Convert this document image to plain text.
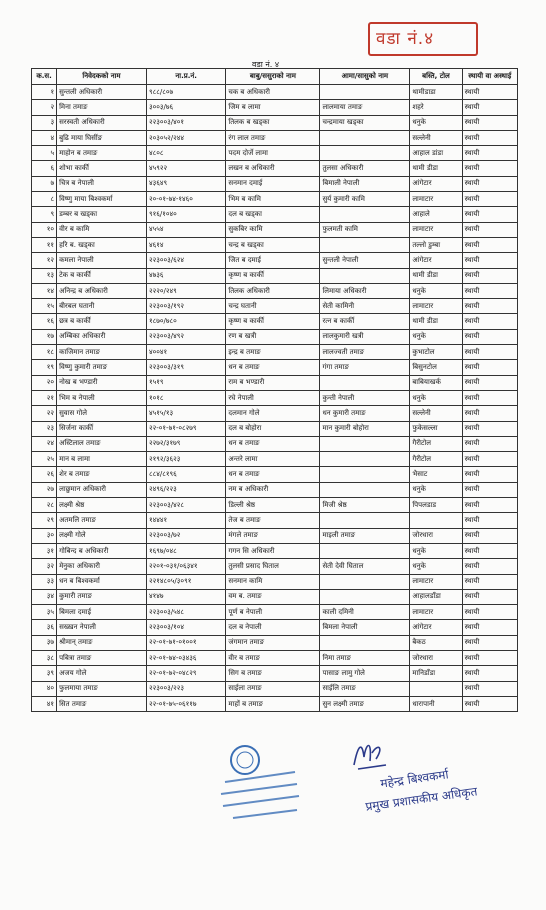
वडा नं.४
वडा नं. ४
क.स.	निवेदकको नाम	ना.प्र.नं.	बाबु/ससुराको नाम	आमा/सासुको नाम	बस्ति, टोल	स्थायी वा अस्थाई
१	सुन्तली अधिकारी	९८८/८०७	चक ब अधिकारी		थामीडाडा	स्थायी
२	मिना तमाङ	३००३/७६	जिम ब लामा	लालमाया तमाङ	शहरे	स्थायी
३	सरस्वती अधिकारी	२२३००३/४०१	तिलक ब खड्का	चन्द्रमाया खड्का	धनुके	स्थायी
४	बुढि माया घिसींङ	२०३०५२/२४४	रंग लाल तमाङ		सल्लेनी	स्थायी
५	माहोन ब तमाङ	४८०८	पदम दोर्जे लामा		आहाल डांडा	स्थायी
६	शोभा कार्की	४५९२२	लखन ब अधिकारी	तुलसा अधिकारी	थामी डीडा	स्थायी
७	चित्र ब नेपाली	४३६४९	सनमान दमाई	बिमाली नेपाली	आंगेटार	स्थायी
८	विष्णु माया बिश्वकर्मा	२०-०१-७४-१४६०	भिम ब कामि	सुर्य कुमारी कामि	लामाटार	स्थायी
९	डम्बर ब खड्का	९१६/१०४०	दल ब खड्का		आहाले	स्थायी
१०	वीर ब कामि	४५५४	सुकबिर कामि	फुलमती कामि	लामाटार	स्थायी
११	हरि ब. खड्का	४६१४	चन्द्र ब खड्का		तल्लो डुम्बा	स्थायी
१२	कमला नेपाली	२२३००३/६२४	जित ब दमाई	सुन्तली नेपाली	आंगेटार	स्थायी
१३	टेक ब कार्की	४७३६	कृष्ण ब कार्की		थामी डीडा	स्थायी
१४	अनिन्द्र ब अधिकारी	२२२०/२४९	तिलक अधिकारी	लिमाया अधिकारी	धनुके	स्थायी
१५	बीरबल घतानी	२२३००३/१९२	चन्द्र घतानी	सेती कामिनी	लामाटार	स्थायी
१६	छत्र ब कार्की	१८७०/७८०	कृष्ण ब कार्की	रत्न ब कार्की	थामी डीडा	स्थायी
१७	अम्बिका अधिकारी	२२३००३/४९२	रण ब खत्री	लालकुमारी खत्री	धनुके	स्थायी
१८	काजिमान तमाङ	४००४१	इन्द्र ब तमाङ	लालज्वती तमाङ	कुभाटोल	स्थायी
१९	विष्णु कुमारी तमाङ	२२३००३/३१९	धन ब तमाङ	गंगा तमाङ	बिसुनटोल	स्थायी
२०	नोख ब भण्डारी	१५१९	राम ब भण्डारी		बाबियाखर्क	स्थायी
२१	भिम ब नेपाली	१०१८	रघे नेपाली	कुन्ती नेपाली	धनुके	स्थायी
२२	सुवास गोले	४५१५/१३	दलमान गोले	धन कुमारी तमाङ	सल्लेनी	स्थायी
२३	सिर्जना कार्की	२२-०१-७१-०८२७९	दल ब बोहोरा	मान कुमारी बोहोरा	फुकेसल्ला	स्थायी
२४	अस्टिलाल तमाङ	२२७२/३१७९	धन ब तमाङ		गैरीटोल	स्थायी
२५	मान ब लामा	२१९२/३६२३	अन्तरे लामा		गैरीटोल	स्थायी
२६	शेर ब तमाङ	८८४/८१९६	धन ब तमाङ		भैसाट	स्थायी
२७	लाछुमान अधिकारी	२४९६/२२३	नम ब अधिकारी		धनुके	स्थायी
२८	लक्ष्मी श्रेष्ठ	२२३००३/४२८	डिल्ली श्रेष्ठ	मिजी श्रेष्ठ	पिपलडाड	स्थायी
२९	अतमलि तमाङ	१४४४१	तेज ब तमाङ			स्थायी
३०	लक्ष्मी गोले	२२३००३/७२	मंगले तमाङ	माइली तमाङ	जोरधारा	स्थायी
३१	गोबिन्द ब अधिकारी	१६९७/०४८	गगन सि अधिकारी		धनुके	स्थायी
३२	मेनुका अधिकारी	२२०१-०३१/०६३४१	तुलसी प्रसाद घिताल	सेती देवी घिताल	धनुके	स्थायी
३३	धन ब बिश्वकर्मा	२२१४८०५/३०९१	सनमान कामि		लामाटार	स्थायी
३४	कुमारी तमाङ	४१४७	वम ब. तमाङ		आहालडाँडा	स्थायी
३५	बिमला दमाई	२२३००३/५४८	पूर्ण ब नेपाली	काली दमिनी	लामाटार	स्थायी
३६	सख्खन नेपाली	२२३००३/१०४	दल ब नेपाली	बिमला नेपाली	आंगेटार	स्थायी
३७	श्रीमान् तमाङ	२२-०१-७१-०१००१	जंगमान तमाङ		बैकठ	स्थायी
३८	पबित्रा तमाङ	२२-०१-७४-०३४३६	वीर ब तमाङ	निमा तमाङ	जोरधारा	स्थायी
३९	अजय गोले	२२-०१-७२-०४८२९	सिग ब तमाङ	पासाङ लामु गोले	मानिडाँडा	स्थायी
४०	फुलमाया तमाङ	२२३००३/२२३	साईला तमाङ	साईलि तमाङ		स्थायी
४१	सित तमाङ	२२-०१-७५-०६११७	माहों ब तमाङ	सुन लक्ष्मी तमाङ	धारापानी	स्थायी
महेन्द्र बिश्वकर्मा
प्रमुख प्रशासकीय अधिकृत
